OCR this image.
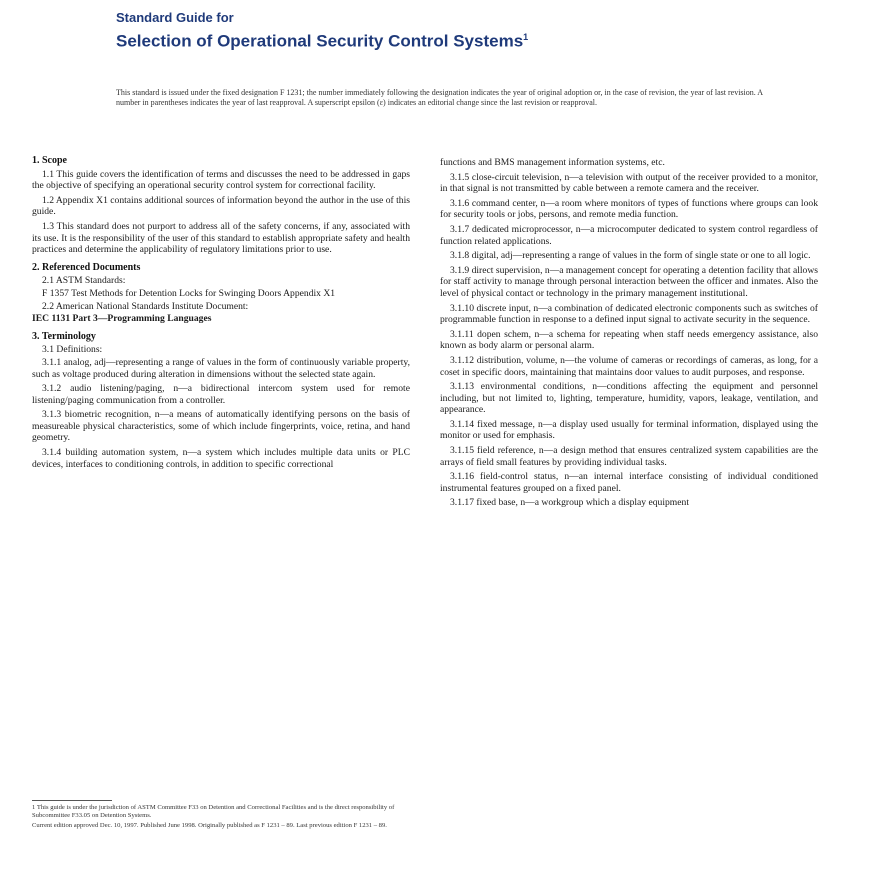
Standard Guide for
Selection of Operational Security Control Systems$^1$
This standard is issued under the fixed designation F 1231; the number immediately following the designation indicates the year of original adoption or, in the case of revision, the year of last revision. A number in parentheses indicates the year of last reapproval. A superscript epsilon (ε) indicates an editorial change since the last revision or reapproval.
1. Scope

1.1 This guide covers the identification of terms and discusses the need to be addressed in gaps the objective of specifying an operational security control system for correctional facility.

1.2 Appendix X1 contains additional sources of information beyond the author in the use of this guide.

1.3 This standard does not purport to address all of the safety concerns, if any, associated with its use. It is the responsibility of the user of this standard to establish appropriate safety and health practices and determine the applicability of regulatory limitations prior to use.

2. Referenced Documents
2.1 ASTM Standards:
F 1357 Test Methods for Detention Locks for Swinging Doors Appendix X1
2.2 American National Standards Institute Document:
IEC 1131 Part 3—Programming Languages
3. Terminology
3.1 Definitions:

3.1.1 analog, adj—representing a range of values in the form of continuously variable property, such as voltage produced during alteration in dimensions without the selected state again.

3.1.2 audio listening/paging, n—a bidirectional intercom system used for remote listening/paging communication from a controller.

3.1.3 biometric recognition, n—a means of automatically identifying persons on the basis of measureable physical characteristics, some of which include fingerprints, voice, retina, and hand geometry.

3.1.4 building automation system, n—a system which includes multiple data units or PLC devices, interfaces to conditioning controls, in addition to specific correctional

functions and BMS management information systems, etc.

3.1.5 close-circuit television, n—a television with output of the receiver provided to a monitor, in that signal is not transmitted by cable between a remote camera and the receiver.

3.1.6 command center, n—a room where monitors of types of functions where groups can look for security tools or jobs, persons, and remote media function.

3.1.7 dedicated microprocessor, n—a microcomputer dedicated to system control regardless of function related applications.

3.1.8 digital, adj—representing a range of values in the form of single state or one to all logic.

3.1.9 direct supervision, n—a management concept for operating a detention facility that allows for staff activity to manage through personal interaction between the officer and inmates. Also the level of physical contact or technology in the primary management institutional.

3.1.10 discrete input, n—a combination of dedicated electronic components such as switches of programmable function in response to a defined input signal to activate security in the sequence.

3.1.11 dopen schem, n—a schema for repeating when staff needs emergency assistance, also known as body alarm or personal alarm.

3.1.12 distribution, volume, n—the volume of cameras or recordings of cameras, as long, for a coset in specific doors, maintaining that maintains door values to audit purposes, and response.

3.1.13 environmental conditions, n—conditions affecting the equipment and personnel including, but not limited to, lighting, temperature, humidity, vapors, leakage, ventilation, and appearance.

3.1.14 fixed message, n—a display used usually for terminal information, displayed using the monitor or used for emphasis.

3.1.15 field reference, n—a design method that ensures centralized system capabilities are the arrays of field small features by providing individual tasks.

3.1.16 field-control status, n—an internal interface consisting of individual conditioned instrumental features grouped on a fixed panel.

3.1.17 fixed base, n—a workgroup which a display equipment

1 This guide is under the jurisdiction of ASTM Committee F33 on Detention and Correctional Facilities and is the direct responsibility of Subcommittee F33.05 on Detention Systems.
Current edition approved Dec. 10, 1997. Published June 1998. Originally published as F 1231 – 89. Last previous edition F 1231 – 89.
